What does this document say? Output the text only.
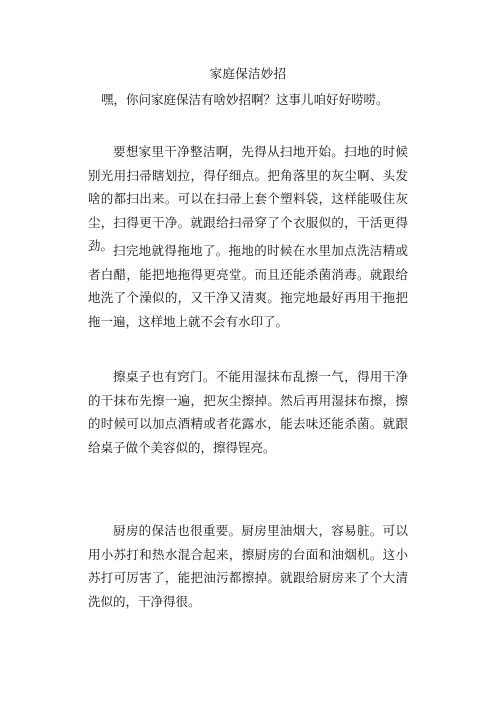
家庭保洁妙招
嘿，你问家庭保洁有啥妙招啊？这事儿咱好好唠唠。

要想家里干净整洁啊，先得从扫地开始。扫地的时候别光用扫帚瞎划拉，得仔细点。把角落里的灰尘啊、头发啥的都扫出来。可以在扫帚上套个塑料袋，这样能吸住灰尘，扫得更干净。就跟给扫帚穿了个衣服似的，干活更得劲。 扫完地就得拖地了。拖地的时候在水里加点洗洁精或者白醋，能把地拖得更亮堂。而且还能杀菌消毒。就跟给地洗了个澡似的，又干净又清爽。拖完地最好再用干拖把拖一遍，这样地上就不会有水印了。

擦桌子也有窍门。不能用湿抹布乱擦一气，得用干净的干抹布先擦一遍，把灰尘擦掉。然后再用湿抹布擦，擦的时候可以加点酒精或者花露水，能去味还能杀菌。就跟给桌子做个美容似的，擦得锃亮。

厨房的保洁也很重要。厨房里油烟大，容易脏。可以用小苏打和热水混合起来，擦厨房的台面和油烟机。这小苏打可厉害了，能把油污都擦掉。就跟给厨房来了个大清洗似的，干净得很。
